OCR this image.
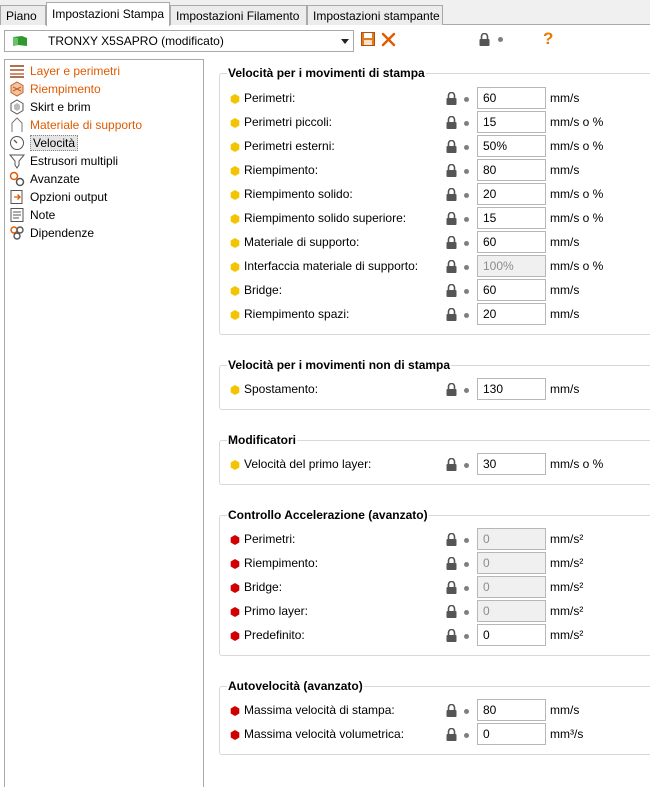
Piano	Impostazioni Stampa Impostazioni Filamento	Impostazioni stampante
TRONXY X5SAPRO (modificato)	?
Layer e perimetri
Riempimento
Skirt e brim
Materiale di supporto
Velocità
Estrusori multipli
Avanzate
Opzioni output
Note
Dipendenze
Velocità per i movimenti di stampa
Velocità per i movimenti non di stampa
Modificatori
Controllo Accelerazione (avanzato)
Autovelocità (avanzato)
Perimetri:
60	mm/s
Perimetri piccoli:
15	mm/s o %
Perimetri esterni:
50%	mm/s o %
Riempimento:
80	mm/s
Riempimento solido:
20	mm/s o %
Riempimento solido superiore:
15	mm/s o %
Materiale di supporto:
60	mm/s
Interfaccia materiale di supporto:
100%	mm/s o %
Bridge:
60	mm/s
Riempimento spazi:
20	mm/s
Spostamento:
130	mm/s
Velocità del primo layer:
30	mm/s o %
Perimetri:
0	mm/s²
Riempimento:
0	mm/s²
Bridge:
0	mm/s²
Primo layer:
0	mm/s²
Predefinito:
0	mm/s²
Massima velocità di stampa:
80	mm/s
Massima velocità volumetrica:
0	mm³/s
